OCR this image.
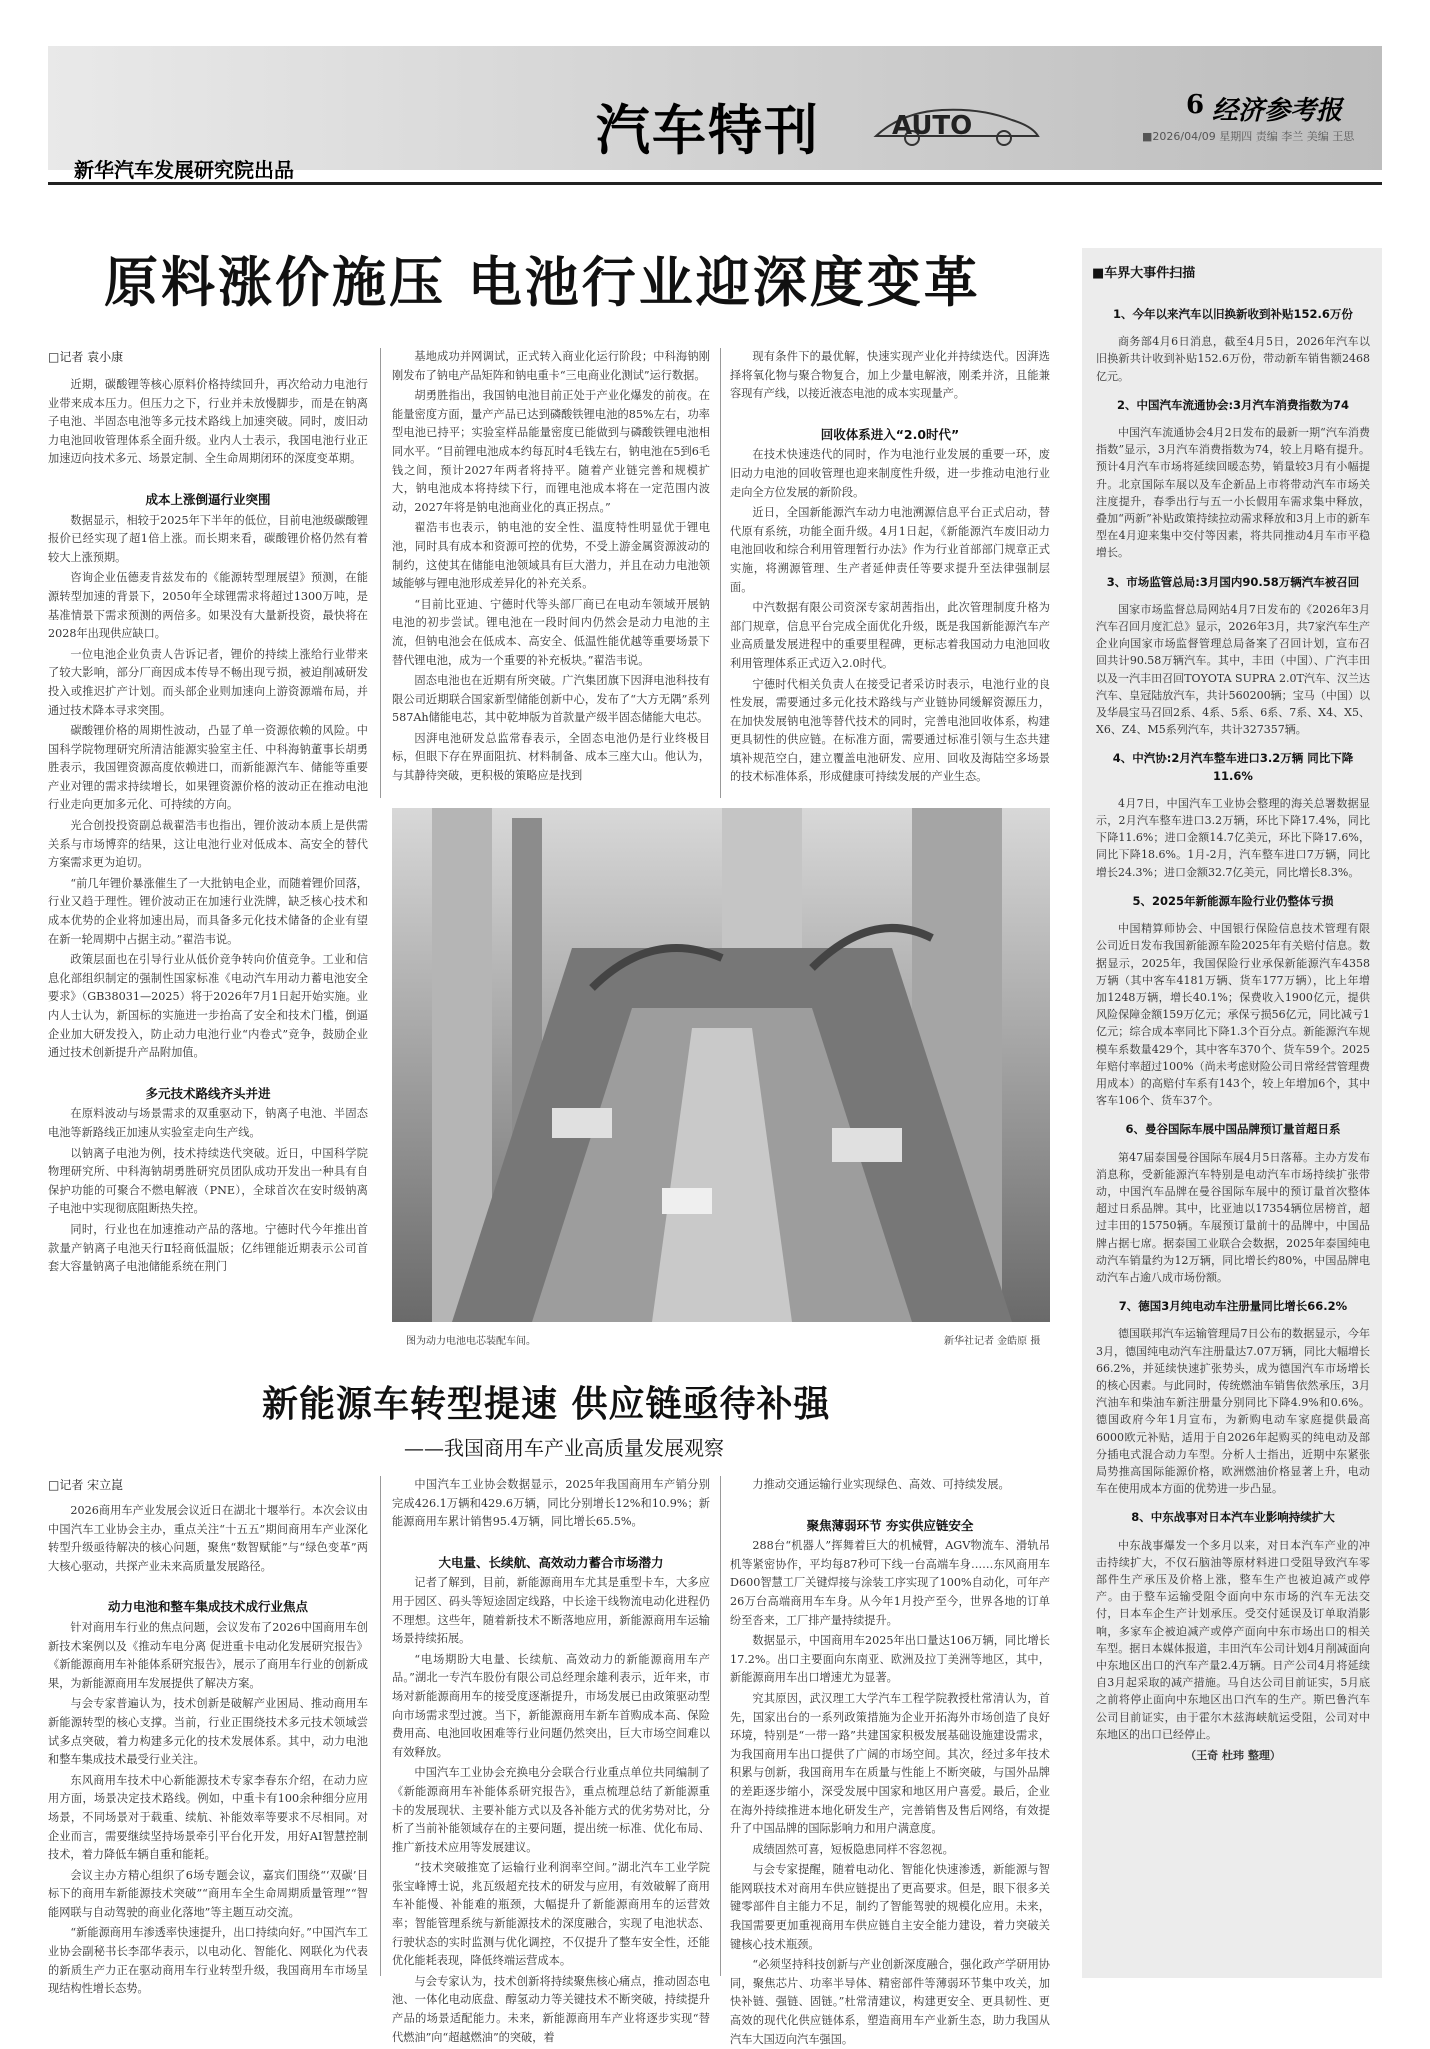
汽车特刊	AUTO
新华汽车发展研究院出品
6 经济参考报
■2026/04/09 星期四 责编 李兰 美编 王思
原料涨价施压 电池行业迎深度变革
□记者 袁小康

近期，碳酸锂等核心原料价格持续回升，再次给动力电池行业带来成本压力。但压力之下，行业并未放慢脚步，而是在钠离子电池、半固态电池等多元技术路线上加速突破。同时，废旧动力电池回收管理体系全面升级。业内人士表示，我国电池行业正加速迈向技术多元、场景定制、全生命周期闭环的深度变革期。

成本上涨倒逼行业突围

数据显示，相较于2025年下半年的低位，目前电池级碳酸锂报价已经实现了超1倍上涨。而长期来看，碳酸锂价格仍然有着较大上涨预期。

咨询企业伍德麦肯兹发布的《能源转型理展望》预测，在能源转型加速的背景下，2050年全球锂需求将超过1300万吨，是基准情景下需求预测的两倍多。如果没有大量新投资，最快将在2028年出现供应缺口。

一位电池企业负责人告诉记者，锂价的持续上涨给行业带来了较大影响，部分厂商因成本传导不畅出现亏损，被迫削减研发投入或推迟扩产计划。而头部企业则加速向上游资源端布局，并通过技术降本寻求突围。

碳酸锂价格的周期性波动，凸显了单一资源依赖的风险。中国科学院物理研究所清洁能源实验室主任、中科海钠董事长胡勇胜表示，我国锂资源高度依赖进口，而新能源汽车、储能等重要产业对锂的需求持续增长，如果锂资源价格的波动正在推动电池行业走向更加多元化、可持续的方向。

光合创投投资副总裁翟浩韦也指出，锂价波动本质上是供需关系与市场博弈的结果，这让电池行业对低成本、高安全的替代方案需求更为迫切。

“前几年锂价暴涨催生了一大批钠电企业，而随着锂价回落，行业又趋于理性。锂价波动正在加速行业洗牌，缺乏核心技术和成本优势的企业将加速出局，而具备多元化技术储备的企业有望在新一轮周期中占据主动。”翟浩韦说。

政策层面也在引导行业从低价竞争转向价值竞争。工业和信息化部组织制定的强制性国家标准《电动汽车用动力蓄电池安全要求》（GB38031—2025）将于2026年7月1日起开始实施。业内人士认为，新国标的实施进一步抬高了安全和技术门槛，倒逼企业加大研发投入，防止动力电池行业“内卷式”竞争，鼓励企业通过技术创新提升产品附加值。

多元技术路线齐头并进

在原料波动与场景需求的双重驱动下，钠离子电池、半固态电池等新路线正加速从实验室走向生产线。

以钠离子电池为例，技术持续迭代突破。近日，中国科学院物理研究所、中科海钠胡勇胜研究员团队成功开发出一种具有自保护功能的可聚合不燃电解液（PNE），全球首次在安时级钠离子电池中实现彻底阻断热失控。

同时，行业也在加速推动产品的落地。宁德时代今年推出首款量产钠离子电池天行Ⅱ轻商低温版；亿纬锂能近期表示公司首套大容量钠离子电池储能系统在荆门

基地成功并网调试，正式转入商业化运行阶段；中科海钠刚刚发布了钠电产品矩阵和钠电重卡“三电商业化测试”运行数据。

胡勇胜指出，我国钠电池目前正处于产业化爆发的前夜。在能量密度方面，量产产品已达到磷酸铁锂电池的85%左右，功率型电池已持平；实验室样品能量密度已能做到与磷酸铁锂电池相同水平。“目前锂电池成本约每瓦时4毛钱左右，钠电池在5到6毛钱之间，预计2027年两者将持平。随着产业链完善和规模扩大，钠电池成本将持续下行，而锂电池成本将在一定范围内波动，2027年将是钠电池商业化的真正拐点。”

翟浩韦也表示，钠电池的安全性、温度特性明显优于锂电池，同时具有成本和资源可控的优势，不受上游金属资源波动的制约，这使其在储能电池领域具有巨大潜力，并且在动力电池领域能够与锂电池形成差异化的补充关系。

“目前比亚迪、宁德时代等头部厂商已在电动车领域开展钠电池的初步尝试。锂电池在一段时间内仍然会是动力电池的主流，但钠电池会在低成本、高安全、低温性能优越等重要场景下替代锂电池，成为一个重要的补充板块。”翟浩韦说。

固态电池也在近期有所突破。广汽集团旗下因湃电池科技有限公司近期联合国家新型储能创新中心，发布了“大方无隅”系列587Ah储能电芯，其中乾坤版为首款量产级半固态储能大电芯。

因湃电池研发总监常春表示，全固态电池仍是行业终极目标，但眼下存在界面阻抗、材料制备、成本三座大山。他认为，与其静待突破，更积极的策略应是找到

现有条件下的最优解，快速实现产业化并持续迭代。因湃选择将氧化物与聚合物复合，加上少量电解液，刚柔并济，且能兼容现有产线，以接近液态电池的成本实现量产。

回收体系进入“2.0时代”

在技术快速迭代的同时，作为电池行业发展的重要一环，废旧动力电池的回收管理也迎来制度性升级，进一步推动电池行业走向全方位发展的新阶段。

近日，全国新能源汽车动力电池溯源信息平台正式启动，替代原有系统，功能全面升级。4月1日起，《新能源汽车废旧动力电池回收和综合利用管理暂行办法》作为行业首部部门规章正式实施，将溯源管理、生产者延伸责任等要求提升至法律强制层面。

中汽数据有限公司资深专家胡茜指出，此次管理制度升格为部门规章，信息平台完成全面优化升级，既是我国新能源汽车产业高质量发展进程中的重要里程碑，更标志着我国动力电池回收利用管理体系正式迈入2.0时代。

宁德时代相关负责人在接受记者采访时表示，电池行业的良性发展，需要通过多元化技术路线与产业链协同缓解资源压力，在加快发展钠电池等替代技术的同时，完善电池回收体系，构建更具韧性的供应链。在标准方面，需要通过标准引领与生态共建填补规范空白，建立覆盖电池研发、应用、回收及海陆空多场景的技术标准体系，形成健康可持续发展的产业生态。

图为动力电池电芯装配车间。	新华社记者 金皓原 摄
新能源车转型提速 供应链亟待补强
——我国商用车产业高质量发展观察
□记者 宋立崑

2026商用车产业发展会议近日在湖北十堰举行。本次会议由中国汽车工业协会主办，重点关注“十五五”期间商用车产业深化转型升级亟待解决的核心问题，聚焦“数智赋能”与“绿色变革”两大核心驱动，共探产业未来高质量发展路径。

动力电池和整车集成技术成行业焦点

针对商用车行业的焦点问题，会议发布了2026中国商用车创新技术案例以及《推动车电分离 促进重卡电动化发展研究报告》《新能源商用车补能体系研究报告》，展示了商用车行业的创新成果，为新能源商用车发展提供了解决方案。

与会专家普遍认为，技术创新是破解产业困局、推动商用车新能源转型的核心支撑。当前，行业正围绕技术多元技术领域尝试多点突破，着力构建多元化的技术发展体系。其中，动力电池和整车集成技术最受行业关注。

东风商用车技术中心新能源技术专家李春东介绍，在动力应用方面，场景决定技术路线。例如，中重卡有100余种细分应用场景，不同场景对于载重、续航、补能效率等要求不尽相同。对企业而言，需要继续坚持场景牵引平台化开发，用好AI智慧控制技术，着力降低车辆自重和能耗。

会议主办方精心组织了6场专题会议，嘉宾们围绕“‘双碳’目标下的商用车新能源技术突破”“商用车全生命周期质量管理”“智能网联与自动驾驶的商业化落地”等主题互动交流。

“新能源商用车渗透率快速提升，出口持续向好。”中国汽车工业协会副秘书长李邵华表示，以电动化、智能化、网联化为代表的新质生产力正在驱动商用车行业转型升级，我国商用车市场呈现结构性增长态势。

中国汽车工业协会数据显示，2025年我国商用车产销分别完成426.1万辆和429.6万辆，同比分别增长12%和10.9%；新能源商用车累计销售95.4万辆，同比增长65.5%。

大电量、长续航、高效动力蓄合市场潜力

记者了解到，目前，新能源商用车尤其是重型卡车，大多应用于园区、码头等短途固定线路，中长途干线物流电动化进程仍不理想。这些年，随着新技术不断落地应用，新能源商用车运输场景持续拓展。

“电场期盼大电量、长续航、高效动力的新能源商用车产品。”湖北一专汽车股份有限公司总经理余雄利表示，近年来，市场对新能源商用车的接受度逐渐提升，市场发展已由政策驱动型向市场需求型过渡。当下，新能源商用车新车首购成本高、保险费用高、电池回收困难等行业问题仍然突出，巨大市场空间难以有效释放。

中国汽车工业协会充换电分会联合行业重点单位共同编制了《新能源商用车补能体系研究报告》，重点梳理总结了新能源重卡的发展现状、主要补能方式以及各补能方式的优劣势对比，分析了当前补能领域存在的主要问题，提出统一标准、优化布局、推广新技术应用等发展建议。

“技术突破推宽了运输行业利润率空间。”湖北汽车工业学院张宝峰博士说，兆瓦级超充技术的研发与应用，有效破解了商用车补能慢、补能难的瓶颈，大幅提升了新能源商用车的运营效率；智能管理系统与新能源技术的深度融合，实现了电池状态、行驶状态的实时监测与优化调控，不仅提升了整车安全性，还能优化能耗表现，降低终端运营成本。

与会专家认为，技术创新将持续聚焦核心痛点，推动固态电池、一体化电动底盘、醇氢动力等关键技术不断突破，持续提升产品的场景适配能力。未来，新能源商用车产业将逐步实现“替代燃油”向“超越燃油”的突破，着

力推动交通运输行业实现绿色、高效、可持续发展。

聚焦薄弱环节 夯实供应链安全

288台“机器人”挥舞着巨大的机械臂，AGV物流车、滑轨吊机等紧密协作，平均每87秒可下线一台高端车身……东风商用车D600智慧工厂关键焊接与涂装工序实现了100%自动化，可年产26万台高端商用车车身。从今年1月投产至今，世界各地的订单纷至沓来，工厂排产量持续提升。

数据显示，中国商用车2025年出口量达106万辆，同比增长17.2%。出口主要面向东南亚、欧洲及拉丁美洲等地区，其中，新能源商用车出口增速尤为显著。

究其原因，武汉理工大学汽车工程学院教授杜常清认为，首先，国家出台的一系列政策措施为企业开拓海外市场创造了良好环境，特别是“一带一路”共建国家积极发展基础设施建设需求，为我国商用车出口提供了广阔的市场空间。其次，经过多年技术积累与创新，我国商用车在质量与性能上不断突破，与国外品牌的差距逐步缩小，深受发展中国家和地区用户喜爱。最后，企业在海外持续推进本地化研发生产，完善销售及售后网络，有效提升了中国品牌的国际影响力和用户满意度。

成绩固然可喜，短板隐患同样不容忽视。

与会专家提醒，随着电动化、智能化快速渗透，新能源与智能网联技术对商用车供应链提出了更高要求。但是，眼下很多关键零部件自主能力不足，制约了智能驾驶的规模化应用。未来，我国需要更加重视商用车供应链自主安全能力建设，着力突破关键核心技术瓶颈。

“必须坚持科技创新与产业创新深度融合，强化政产学研用协同，聚焦芯片、功率半导体、精密部件等薄弱环节集中攻关，加快补链、强链、固链。”杜常清建议，构建更安全、更具韧性、更高效的现代化供应链体系，塑造商用车产业新生态，助力我国从汽车大国迈向汽车强国。

■车界大事件扫描
1、今年以来汽车以旧换新收到补贴152.6万份

商务部4月6日消息，截至4月5日，2026年汽车以旧换新共计收到补贴152.6万份，带动新车销售额2468亿元。

2、中国汽车流通协会:3月汽车消费指数为74

中国汽车流通协会4月2日发布的最新一期“汽车消费指数”显示，3月汽车消费指数为74，较上月略有提升。预计4月汽车市场将延续回暖态势，销量较3月有小幅提升。北京国际车展以及车企新品上市将带动汽车市场关注度提升，春季出行与五一小长假用车需求集中释放，叠加“两新”补贴政策持续拉动需求释放和3月上市的新车型在4月迎来集中交付等因素，将共同推动4月车市平稳增长。

3、市场监管总局:3月国内90.58万辆汽车被召回

国家市场监督总局网站4月7日发布的《2026年3月汽车召回月度汇总》显示，2026年3月，共7家汽车生产企业向国家市场监督管理总局备案了召回计划，宣布召回共计90.58万辆汽车。其中，丰田（中国）、广汽丰田以及一汽丰田召回TOYOTA SUPRA 2.0T汽车、汉兰达汽车、皇冠陆放汽车，共计560200辆；宝马（中国）以及华晨宝马召回2系、4系、5系、6系、7系、X4、X5、X6、Z4、M5系列汽车，共计327357辆。

4、中汽协:2月汽车整车进口3.2万辆 同比下降11.6%

4月7日，中国汽车工业协会整理的海关总署数据显示，2月汽车整车进口3.2万辆，环比下降17.4%，同比下降11.6%；进口金额14.7亿美元，环比下降17.6%，同比下降18.6%。1月-2月，汽车整车进口7万辆，同比增长24.3%；进口金额32.7亿美元，同比增长8.3%。

5、2025年新能源车险行业仍整体亏损

中国精算师协会、中国银行保险信息技术管理有限公司近日发布我国新能源车险2025年有关赔付信息。数据显示，2025年，我国保险行业承保新能源汽车4358万辆（其中客车4181万辆、货车177万辆），比上年增加1248万辆，增长40.1%；保费收入1900亿元，提供风险保障金额159万亿元；承保亏损56亿元，同比减亏1亿元；综合成本率同比下降1.3个百分点。新能源汽车规模车系数量429个，其中客车370个、货车59个。2025年赔付率超过100%（尚未考虑财险公司日常经营管理费用成本）的高赔付车系有143个，较上年增加6个，其中客车106个、货车37个。

6、曼谷国际车展中国品牌预订量首超日系

第47届泰国曼谷国际车展4月5日落幕。主办方发布消息称，受新能源汽车特别是电动汽车市场持续扩张带动，中国汽车品牌在曼谷国际车展中的预订量首次整体超过日系品牌。其中，比亚迪以17354辆位居榜首，超过丰田的15750辆。车展预订量前十的品牌中，中国品牌占据七席。据泰国工业联合会数据，2025年泰国纯电动汽车销量约为12万辆，同比增长约80%，中国品牌电动汽车占逾八成市场份额。

7、德国3月纯电动车注册量同比增长66.2%

德国联邦汽车运输管理局7日公布的数据显示，今年3月，德国纯电动汽车注册量达7.07万辆，同比大幅增长66.2%，并延续快速扩张势头，成为德国汽车市场增长的核心因素。与此同时，传统燃油车销售依然承压，3月汽油车和柴油车新注册量分别同比下降4.9%和0.6%。德国政府今年1月宣布，为新购电动车家庭提供最高6000欧元补贴，适用于自2026年起购买的纯电动及部分插电式混合动力车型。分析人士指出，近期中东紧张局势推高国际能源价格，欧洲燃油价格显著上升，电动车在使用成本方面的优势进一步凸显。

8、中东战事对日本汽车业影响持续扩大

中东战事爆发一个多月以来，对日本汽车产业的冲击持续扩大，不仅石脑油等原材料进口受阻导致汽车零部件生产承压及价格上涨，整车生产也被迫减产或停产。由于整车运输受阻令面向中东市场的汽车无法交付，日本车企生产计划承压。受交付延误及订单取消影响，多家车企被迫减产或停产面向中东市场出口的相关车型。据日本媒体报道，丰田汽车公司计划4月削减面向中东地区出口的汽车产量2.4万辆。日产公司4月将延续自3月起采取的减产措施。马自达公司目前证实，5月底之前将停止面向中东地区出口汽车的生产。斯巴鲁汽车公司目前证实，由于霍尔木兹海峡航运受阻，公司对中东地区的出口已经停止。

（王奇 杜玮 整理）
